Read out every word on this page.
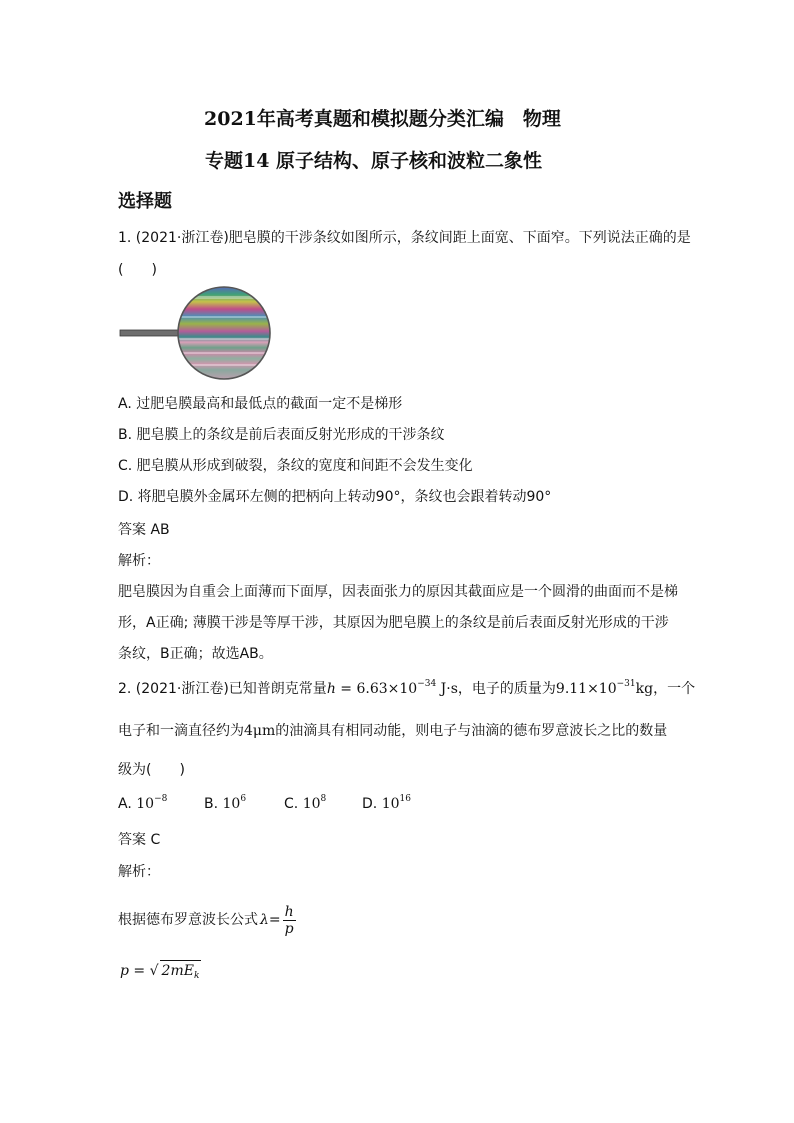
2021年高考真题和模拟题分类汇编　物理
专题14 原子结构、原子核和波粒二象性
选择题
1. (2021·浙江卷)肥皂膜的干涉条纹如图所示，条纹间距上面宽、下面窄。下列说法正确的是
(　　)
A. 过肥皂膜最高和最低点的截面一定不是梯形
B. 肥皂膜上的条纹是前后表面反射光形成的干涉条纹
C. 肥皂膜从形成到破裂，条纹的宽度和间距不会发生变化
D. 将肥皂膜外金属环左侧的把柄向上转动90°，条纹也会跟着转动90°
答案 AB
解析：
肥皂膜因为自重会上面薄而下面厚，因表面张力的原因其截面应是一个圆滑的曲面而不是梯
形，A正确; 薄膜干涉是等厚干涉，其原因为肥皂膜上的条纹是前后表面反射光形成的干涉
条纹，B正确；故选AB。
2. (2021·浙江卷)已知普朗克常量$h = 6.63\times 10^{-34}$ J·s，电子的质量为$9.11\times 10^{-31}kg$，一个
电子和一滴直径约为4μm的油滴具有相同动能，则电子与油滴的德布罗意波长之比的数量
级为(　　)
A. $10^{-8}$	B. $10^6$	C. $10^8$	D. $10^{16}$
答案 C
解析：
根据德布罗意波长公式 $\lambda= \frac{h}{p}$
p = √ $2mE_k$
